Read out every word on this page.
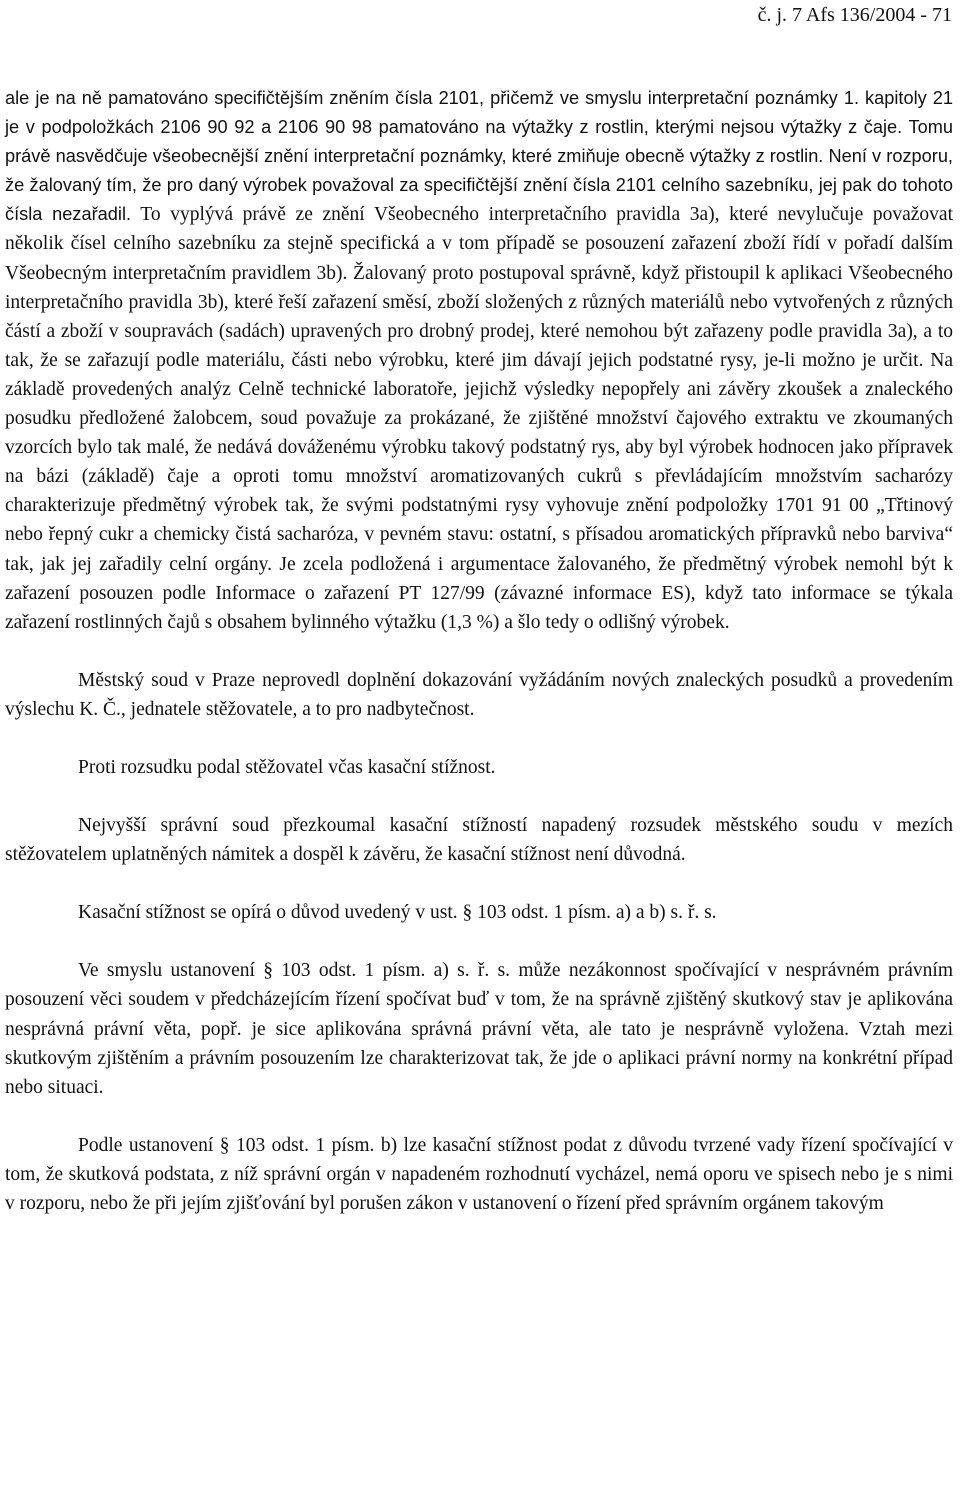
č. j. 7 Afs 136/2004 - 71

ale je na ně pamatováno specifičtějším zněním čísla 2101, přičemž ve smyslu interpretační poznámky 1. kapitoly 21 je v podpoložkách 2106 90 92 a 2106 90 98 pamatováno na výtažky z rostlin, kterými nejsou výtažky z čaje. Tomu právě nasvědčuje všeobecnější znění interpretační poznámky, které zmiňuje obecně výtažky z rostlin. Není v rozporu, že žalovaný tím, že pro daný výrobek považoval za specifičtější znění čísla 2101 celního sazebníku, jej pak do tohoto čísla nezařadil. To vyplývá právě ze znění Všeobecného interpretačního pravidla 3a), které nevylučuje považovat několik čísel celního sazebníku za stejně specifická a v tom případě se posouzení zařazení zboží řídí v pořadí dalším Všeobecným interpretačním pravidlem 3b). Žalovaný proto postupoval správně, když přistoupil k aplikaci Všeobecného interpretačního pravidla 3b), které řeší zařazení směsí, zboží složených z různých materiálů nebo vytvořených z různých částí a zboží v soupravách (sadách) upravených pro drobný prodej, které nemohou být zařazeny podle pravidla 3a), a to tak, že se zařazují podle materiálu, části nebo výrobku, které jim dávají jejich podstatné rysy, je-li možno je určit. Na základě provedených analýz Celně technické laboratoře, jejichž výsledky nepopřely ani závěry zkoušek a znaleckého posudku předložené žalobcem, soud považuje za prokázané, že zjištěné množství čajového extraktu ve zkoumaných vzorcích bylo tak malé, že nedává dováženému výrobku takový podstatný rys, aby byl výrobek hodnocen jako přípravek na bázi (základě) čaje a oproti tomu množství aromatizovaných cukrů s převládajícím množstvím sacharózy charakterizuje předmětný výrobek tak, že svými podstatnými rysy vyhovuje znění podpoložky 1701 91 00 „Třtinový nebo řepný cukr a chemicky čistá sacharóza, v pevném stavu: ostatní, s přísadou aromatických přípravků nebo barviva“ tak, jak jej zařadily celní orgány. Je zcela podložená i argumentace žalovaného, že předmětný výrobek nemohl být k zařazení posouzen podle Informace o zařazení PT 127/99 (závazné informace ES), když tato informace se týkala zařazení rostlinných čajů s obsahem bylinného výtažku (1,3 %) a šlo tedy o odlišný výrobek.

Městský soud v Praze neprovedl doplnění dokazování vyžádáním nových znaleckých posudků a provedením výslechu K. Č., jednatele stěžovatele, a to pro nadbytečnost.

Proti rozsudku podal stěžovatel včas kasační stížnost.

Nejvyšší správní soud přezkoumal kasační stížností napadený rozsudek městského soudu v mezích stěžovatelem uplatněných námitek a dospěl k závěru, že kasační stížnost není důvodná.

Kasační stížnost se opírá o důvod uvedený v ust. § 103 odst. 1 písm. a) a b) s. ř. s.

Ve smyslu ustanovení § 103 odst. 1 písm. a) s. ř. s. může nezákonnost spočívající v nesprávném právním posouzení věci soudem v předcházejícím řízení spočívat buď v tom, že na správně zjištěný skutkový stav je aplikována nesprávná právní věta, popř. je sice aplikována správná právní věta, ale tato je nesprávně vyložena. Vztah mezi skutkovým zjištěním a právním posouzením lze charakterizovat tak, že jde o aplikaci právní normy na konkrétní případ nebo situaci.

Podle ustanovení § 103 odst. 1 písm. b) lze kasační stížnost podat z důvodu tvrzené vady řízení spočívající v tom, že skutková podstata, z níž správní orgán v napadeném rozhodnutí vycházel, nemá oporu ve spisech nebo je s nimi v rozporu, nebo že při jejím zjišťování byl porušen zákon v ustanovení o řízení před správním orgánem takovým
